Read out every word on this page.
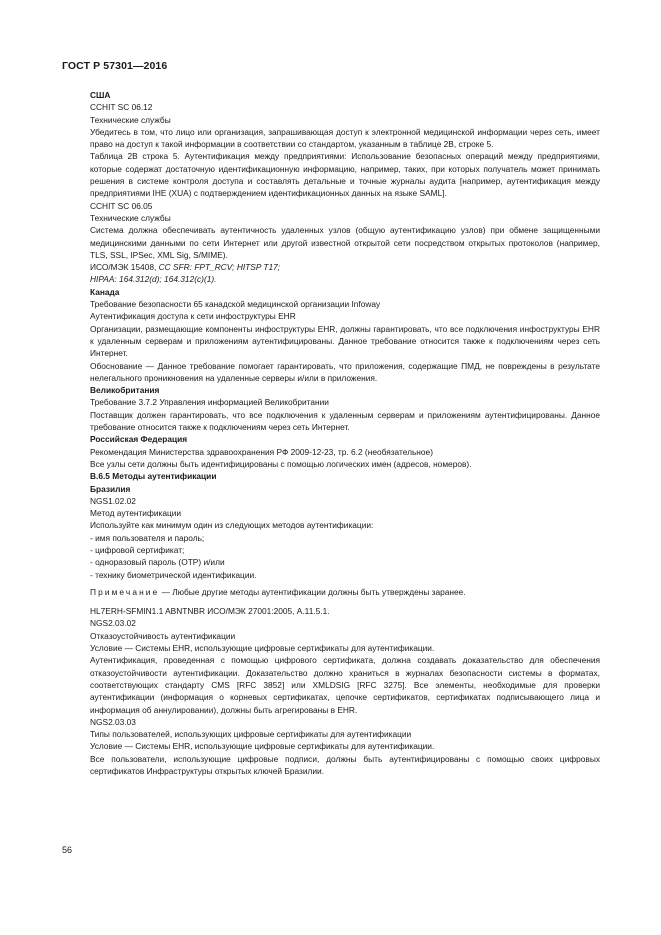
ГОСТ Р 57301—2016
США
CCHIT SC 06.12
Технические службы
Убедитесь в том, что лицо или организация, запрашивающая доступ к электронной медицинской информации через сеть, имеет право на доступ к такой информации в соответствии со стандартом, указанным в таблице 2B, строке 5.
Таблица 2B строка 5. Аутентификация между предприятиями: Использование безопасных операций между предприятиями, которые содержат достаточную идентификационную информацию, например, таких, при которых получатель может принимать решения в системе контроля доступа и составлять детальные и точные журналы аудита [например, аутентификация между предприятиями IHE (XUA) с подтверждением идентификационных данных на языке SAML].
CCHIT SC 06.05
Технические службы
Система должна обеспечивать аутентичность удаленных узлов (общую аутентификацию узлов) при обмене защищенными медицинскими данными по сети Интернет или другой известной открытой сети посредством открытых протоколов (например, TLS, SSL, IPSec, XML Sig, S/MIME).
ИСО/МЭК 15408, CC SFR: FPT_RCV; HITSP T17;
HIPAA: 164.312(d); 164.312(c)(1).
Канада
Требование безопасности 65 канадской медицинской организации Infoway
Аутентификация доступа к сети инфоструктуры EHR
Организации, размещающие компоненты инфоструктуры EHR, должны гарантировать, что все подключения инфоструктуры EHR к удаленным серверам и приложениям аутентифицированы. Данное требование относится также к подключениям через сеть Интернет.
Обоснование — Данное требование помогает гарантировать, что приложения, содержащие ПМД, не повреждены в результате нелегального проникновения на удаленные серверы и/или в приложения.
Великобритания
Требование 3.7.2 Управления информацией Великобритании
Поставщик должен гарантировать, что все подключения к удаленным серверам и приложениям аутентифицированы. Данное требование относится также к подключениям через сеть Интернет.
Российская Федерация
Рекомендация Министерства здравоохранения РФ 2009-12-23, тр. 6.2 (необязательное)
Все узлы сети должны быть идентифицированы с помощью логических имен (адресов, номеров).
B.6.5 Методы аутентификации
Бразилия
NGS1.02.02
Метод аутентификации
Используйте как минимум один из следующих методов аутентификации:
- имя пользователя и пароль;
- цифровой сертификат;
- одноразовый пароль (OTP) и/или
- технику биометрической идентификации.
Примечание — Любые другие методы аутентификации должны быть утверждены заранее.
HL7ERH-SFMIN1.1 ABNTNBR ИСО/МЭК 27001:2005, A.11.5.1.
NGS2.03.02
Отказоустойчивость аутентификации
Условие — Системы EHR, использующие цифровые сертификаты для аутентификации.
Аутентификация, проведенная с помощью цифрового сертификата, должна создавать доказательство для обеспечения отказоустойчивости аутентификации. Доказательство должно храниться в журналах безопасности системы в форматах, соответствующих стандарту CMS [RFC 3852] или XMLDSIG [RFC 3275]. Все элементы, необходимые для проверки аутентификации (информация о корневых сертификатах, цепочке сертификатов, сертификатах подписывающего лица и информация об аннулировании), должны быть агрегированы в EHR.
NGS2.03.03
Типы пользователей, использующих цифровые сертификаты для аутентификации
Условие — Системы EHR, использующие цифровые сертификаты для аутентификации.
Все пользователи, использующие цифровые подписи, должны быть аутентифицированы с помощью своих цифровых сертификатов Инфраструктуры открытых ключей Бразилии.
56
